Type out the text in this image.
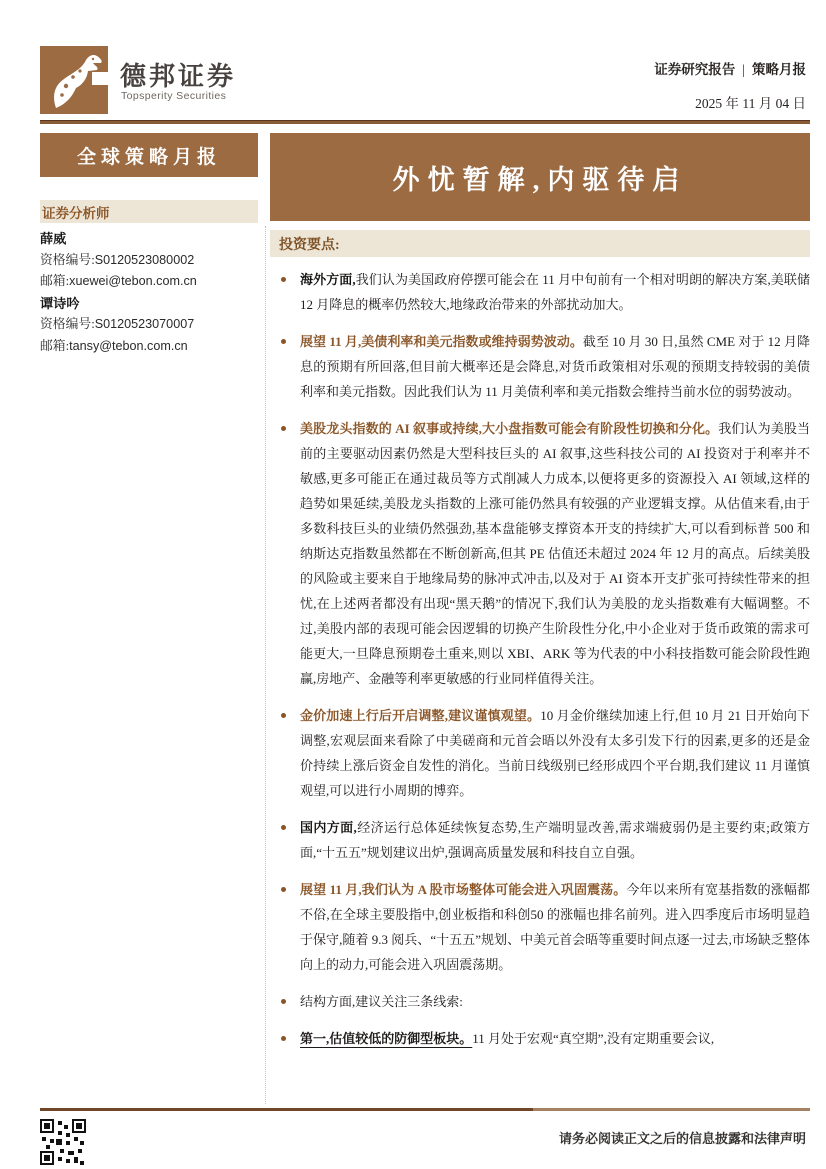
德邦证券
Topsperity Securities
证券研究报告 | 策略月报
2025 年 11 月 04 日
全球策略月报
证券分析师
薛威
资格编号:S0120523080002
邮箱:xuewei@tebon.com.cn
谭诗吟
资格编号:S0120523070007
邮箱:tansy@tebon.com.cn
外忧暂解,内驱待启
投资要点:
海外方面,我们认为美国政府停摆可能会在 11 月中旬前有一个相对明朗的解决方案,美联储 12 月降息的概率仍然较大,地缘政治带来的外部扰动加大。
展望 11 月,美债利率和美元指数或维持弱势波动。截至 10 月 30 日,虽然 CME 对于 12 月降息的预期有所回落,但目前大概率还是会降息,对货币政策相对乐观的预期支持较弱的美债利率和美元指数。因此我们认为 11 月美债利率和美元指数会维持当前水位的弱势波动。
美股龙头指数的 AI 叙事或持续,大小盘指数可能会有阶段性切换和分化。我们认为美股当前的主要驱动因素仍然是大型科技巨头的 AI 叙事,这些科技公司的 AI 投资对于利率并不敏感,更多可能正在通过裁员等方式削减人力成本,以便将更多的资源投入 AI 领域,这样的趋势如果延续,美股龙头指数的上涨可能仍然具有较强的产业逻辑支撑。从估值来看,由于多数科技巨头的业绩仍然强劲,基本盘能够支撑资本开支的持续扩大,可以看到标普 500 和纳斯达克指数虽然都在不断创新高,但其 PE 估值还未超过 2024 年 12 月的高点。后续美股的风险或主要来自于地缘局势的脉冲式冲击,以及对于 AI 资本开支扩张可持续性带来的担忧,在上述两者都没有出现“黑天鹅”的情况下,我们认为美股的龙头指数难有大幅调整。不过,美股内部的表现可能会因逻辑的切换产生阶段性分化,中小企业对于货币政策的需求可能更大,一旦降息预期卷土重来,则以 XBI、ARK 等为代表的中小科技指数可能会阶段性跑赢,房地产、金融等利率更敏感的行业同样值得关注。
金价加速上行后开启调整,建议谨慎观望。10 月金价继续加速上行,但 10 月 21 日开始向下调整,宏观层面来看除了中美磋商和元首会晤以外没有太多引发下行的因素,更多的还是金价持续上涨后资金自发性的消化。当前日线级别已经形成四个平台期,我们建议 11 月谨慎观望,可以进行小周期的博弈。
国内方面,经济运行总体延续恢复态势,生产端明显改善,需求端疲弱仍是主要约束;政策方面,“十五五”规划建议出炉,强调高质量发展和科技自立自强。
展望 11 月,我们认为 A 股市场整体可能会进入巩固震荡。今年以来所有宽基指数的涨幅都不俗,在全球主要股指中,创业板指和科创50 的涨幅也排名前列。进入四季度后市场明显趋于保守,随着 9.3 阅兵、“十五五”规划、中美元首会晤等重要时间点逐一过去,市场缺乏整体向上的动力,可能会进入巩固震荡期。
结构方面,建议关注三条线索:
第一,估值较低的防御型板块。11 月处于宏观“真空期”,没有定期重要会议,
请务必阅读正文之后的信息披露和法律声明
